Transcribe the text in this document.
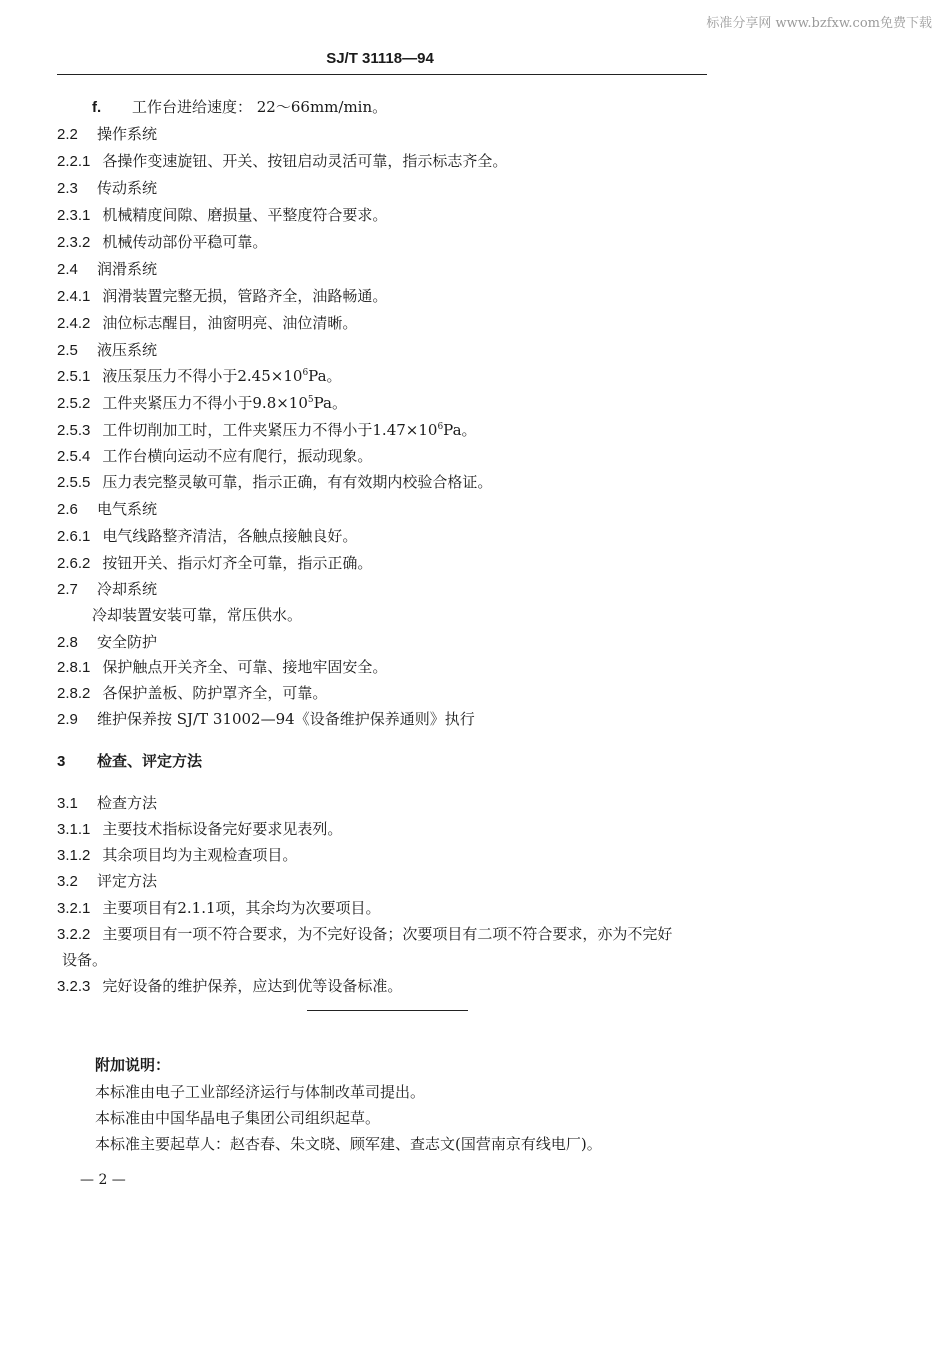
标准分享网 www.bzfxw.com免费下载
SJ/T 31118—94
f. 工作台进给速度： 22～66mm/min。
2.2 操作系统
2.2.1 各操作变速旋钮、开关、按钮启动灵活可靠，指示标志齐全。
2.3 传动系统
2.3.1 机械精度间隙、磨损量、平整度符合要求。
2.3.2 机械传动部份平稳可靠。
2.4 润滑系统
2.4.1 润滑装置完整无损，管路齐全，油路畅通。
2.4.2 油位标志醒目，油窗明亮、油位清晰。
2.5 液压系统
2.5.1 液压泵压力不得小于$2.45\times 10^6Pa$。
2.5.2 工件夹紧压力不得小于$9.8\times 10^5Pa$。
2.5.3 工件切削加工时，工件夹紧压力不得小于$1.47\times 10^6Pa$。
2.5.4 工作台横向运动不应有爬行，振动现象。
2.5.5 压力表完整灵敏可靠，指示正确，有有效期内校验合格证。
2.6 电气系统
2.6.1 电气线路整齐清洁，各触点接触良好。
2.6.2 按钮开关、指示灯齐全可靠，指示正确。
2.7 冷却系统
冷却装置安装可靠，常压供水。
2.8 安全防护
2.8.1 保护触点开关齐全、可靠、接地牢固安全。
2.8.2 各保护盖板、防护罩齐全，可靠。
2.9 维护保养按 SJ/T 31002—94《设备维护保养通则》执行
3 检查、评定方法
3.1 检查方法
3.1.1 主要技术指标设备完好要求见表列。
3.1.2 其余项目均为主观检查项目。
3.2 评定方法
3.2.1 主要项目有2.1.1项，其余均为次要项目。
3.2.2 主要项目有一项不符合要求，为不完好设备；次要项目有二项不符合要求，亦为不完好
设备。
3.2.3 完好设备的维护保养，应达到优等设备标准。
附加说明：
本标准由电子工业部经济运行与体制改革司提出。
本标准由中国华晶电子集团公司组织起草。
本标准主要起草人：赵杏春、朱文晓、顾军建、查志文(国营南京有线电厂)。
— 2 —
